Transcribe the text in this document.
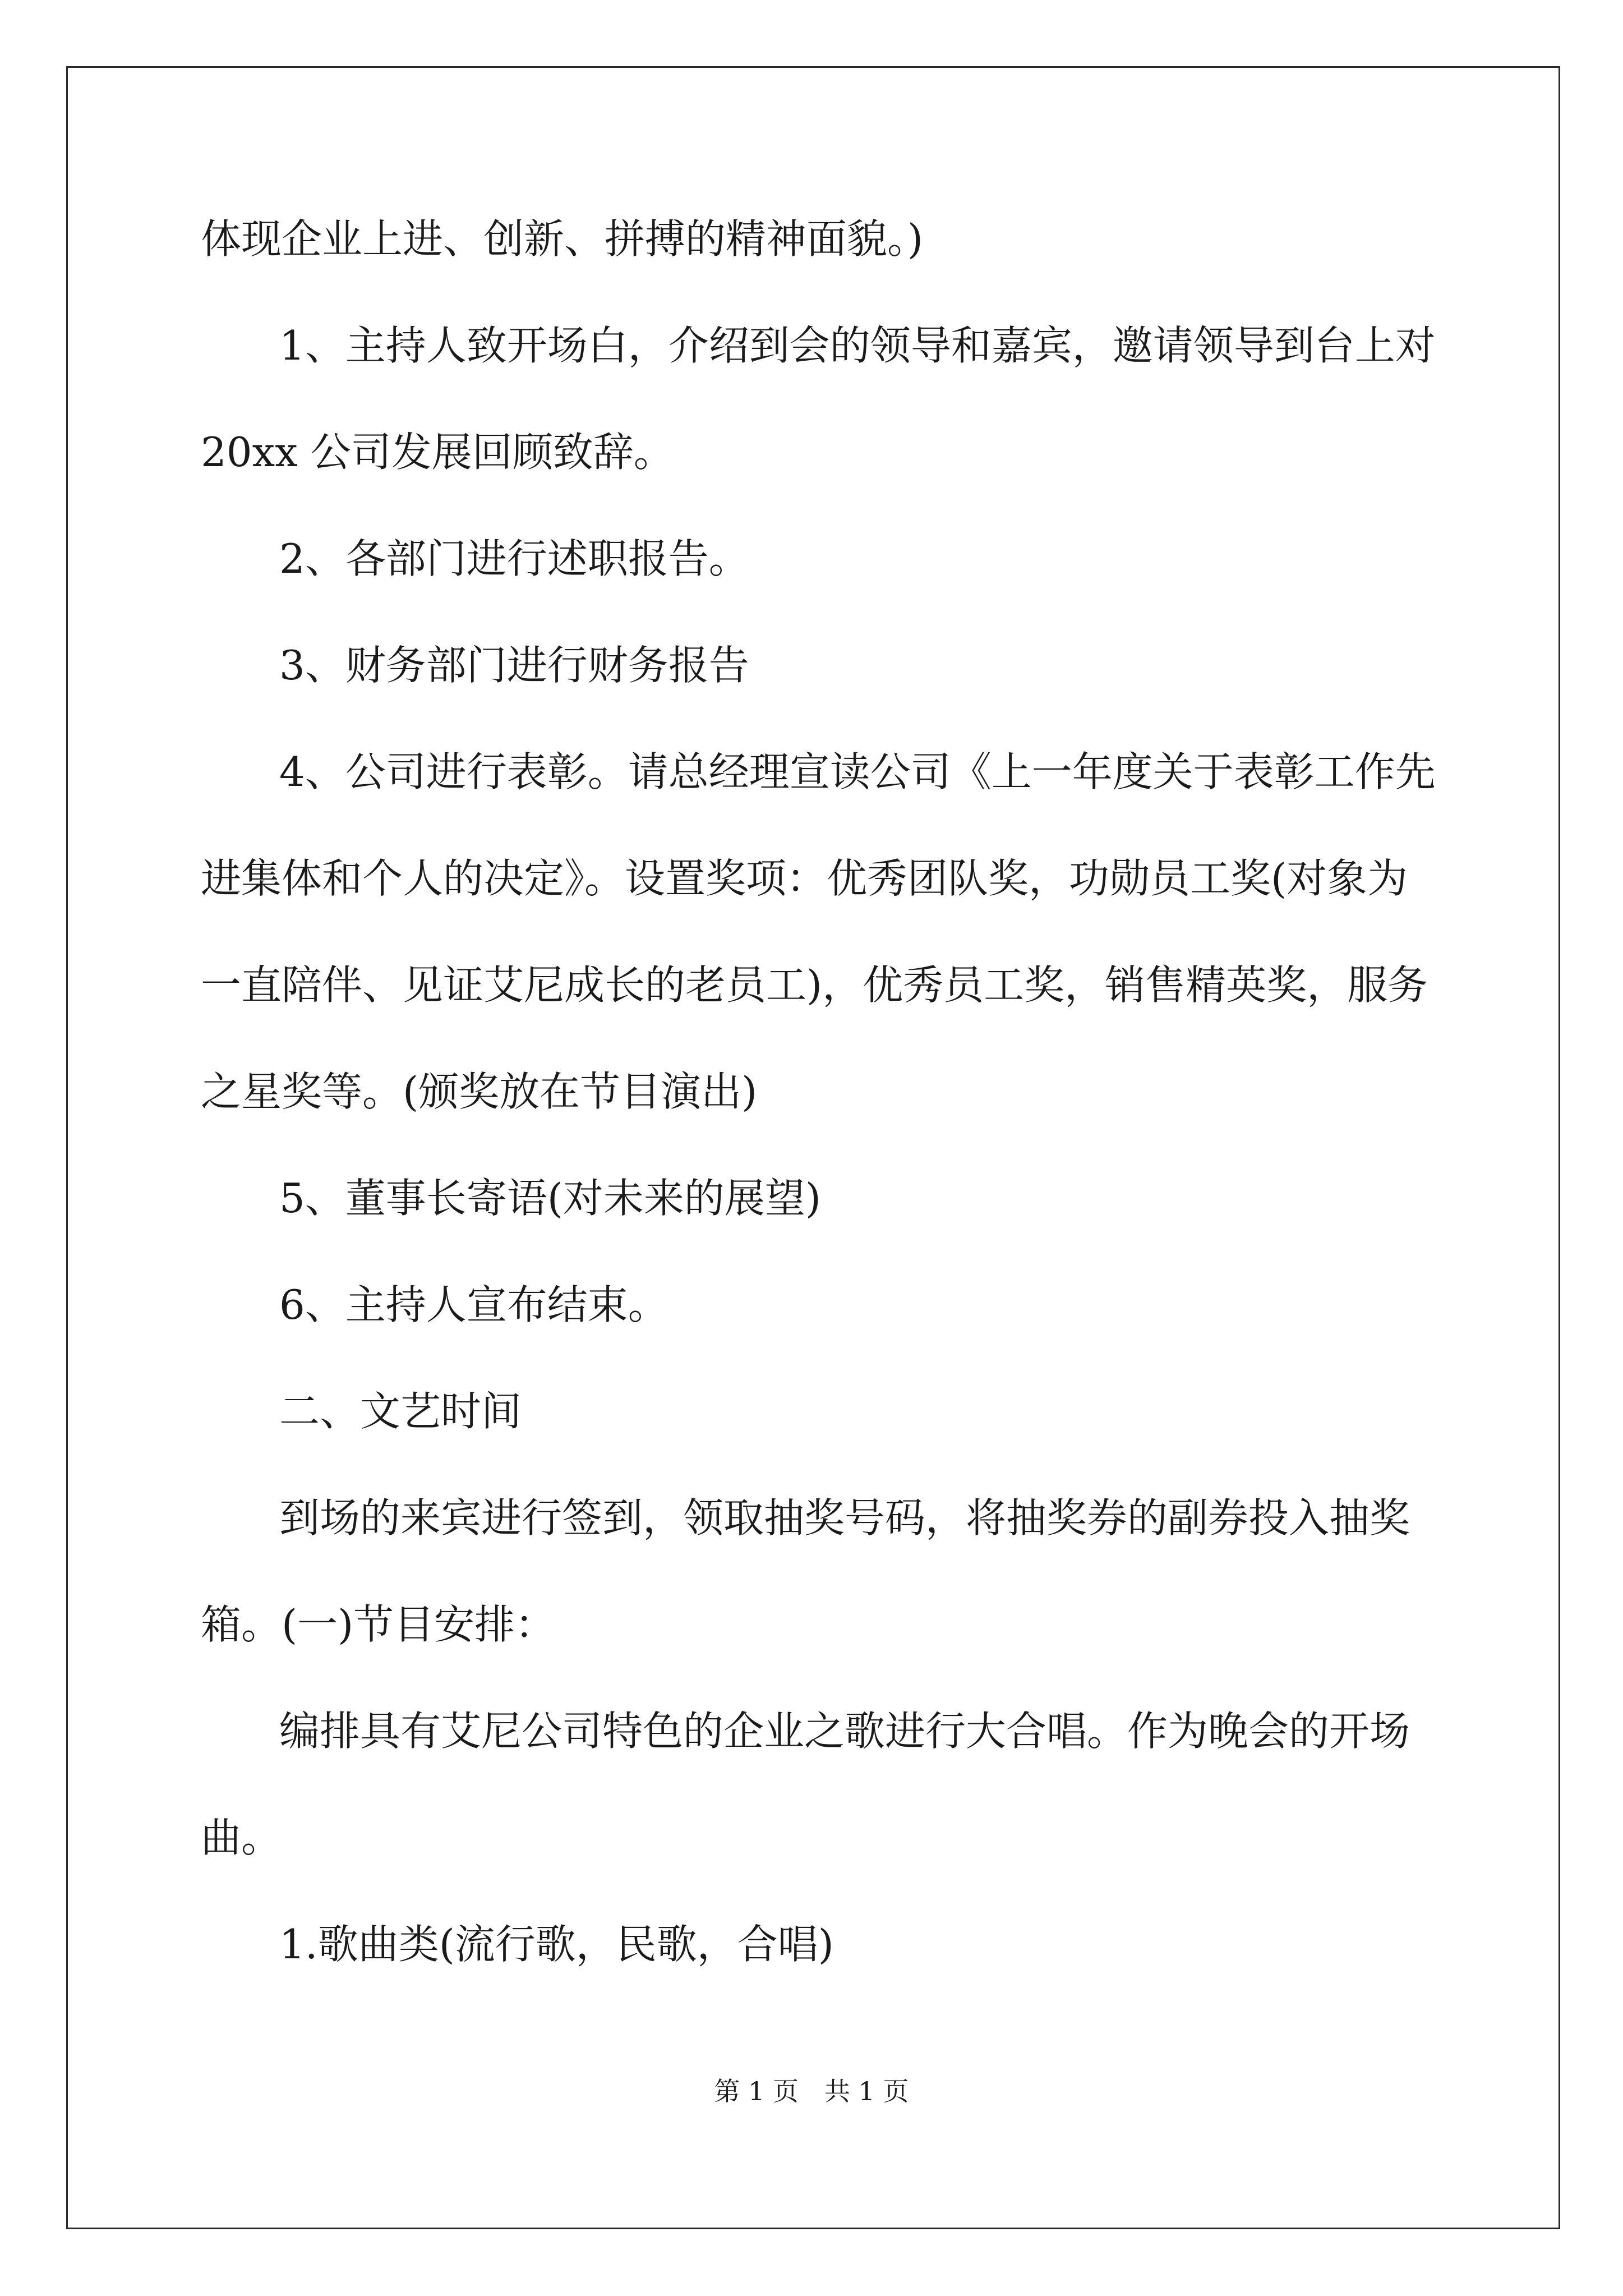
体现企业上进、创新、拼搏的精神面貌。)
1、主持人致开场白，介绍到会的领导和嘉宾，邀请领导到台上对
20xx 公司发展回顾致辞。
2、各部门进行述职报告。
3、财务部门进行财务报告
4、公司进行表彰。请总经理宣读公司《上一年度关于表彰工作先
进集体和个人的决定》。设置奖项：优秀团队奖，功勋员工奖(对象为
一直陪伴、见证艾尼成长的老员工)，优秀员工奖，销售精英奖，服务
之星奖等。(颁奖放在节目演出)
5、董事长寄语(对未来的展望)
6、主持人宣布结束。
二、文艺时间
到场的来宾进行签到，领取抽奖号码，将抽奖券的副券投入抽奖
箱。(一)节目安排：
编排具有艾尼公司特色的企业之歌进行大合唱。作为晚会的开场
曲。
1.歌曲类(流行歌，民歌，合唱)
第 1 页　共 1 页
